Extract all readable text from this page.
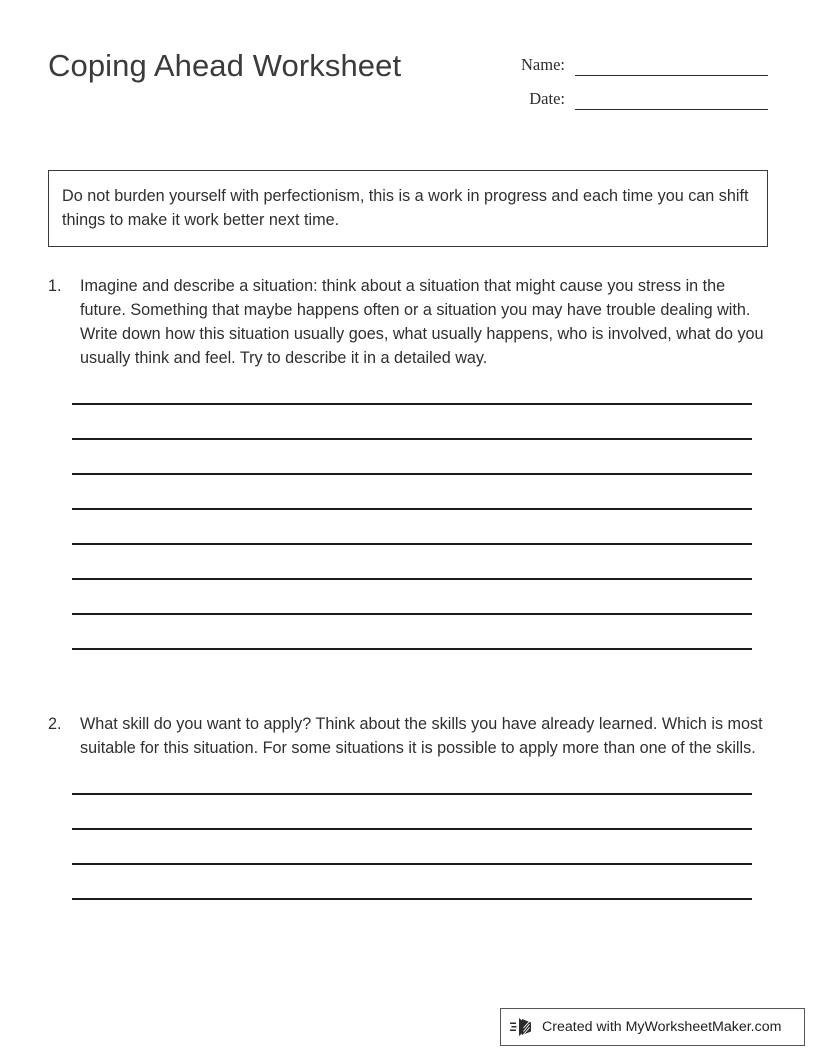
Coping Ahead Worksheet	Name:
Date:
Do not burden yourself with perfectionism, this is a work in progress and each time you can shift things to make it work better next time.
1.	Imagine and describe a situation: think about a situation that might cause you stress in the future. Something that maybe happens often or a situation you may have trouble dealing with. Write down how this situation usually goes, what usually happens, who is involved, what do you usually think and feel. Try to describe it in a detailed way.
2.	What skill do you want to apply? Think about the skills you have already learned. Which is most suitable for this situation. For some situations it is possible to apply more than one of the skills.
Created with MyWorksheetMaker.com
